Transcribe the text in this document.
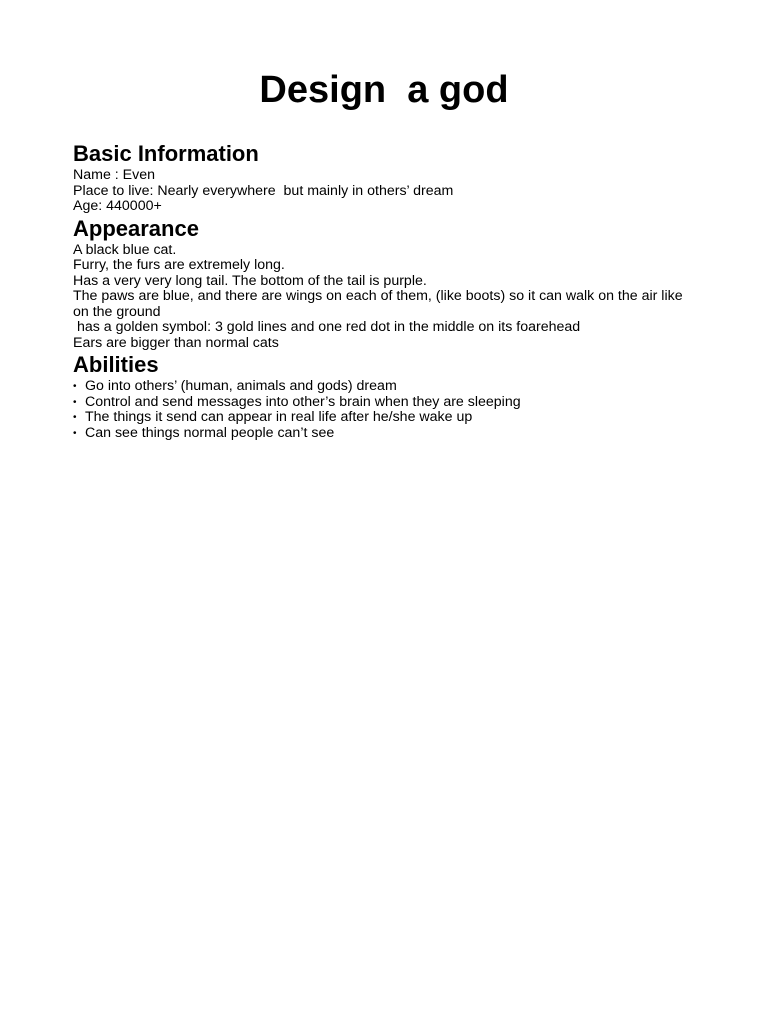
Design  a god
Basic Information

Name : Even

Place to live: Nearly everywhere  but mainly in others’ dream

Age: 440000+

Appearance

A black blue cat.

Furry, the furs are extremely long.

Has a very very long tail. The bottom of the tail is purple.

The paws are blue, and there are wings on each of them, (like boots) so it can walk on the air like on the ground

has a golden symbol: 3 gold lines and one red dot in the middle on its foarehead

Ears are bigger than normal cats

Abilities
• Go into others’ (human, animals and gods) dream
• Control and send messages into other’s brain when they are sleeping
• The things it send can appear in real life after he/she wake up
• Can see things normal people can’t see
